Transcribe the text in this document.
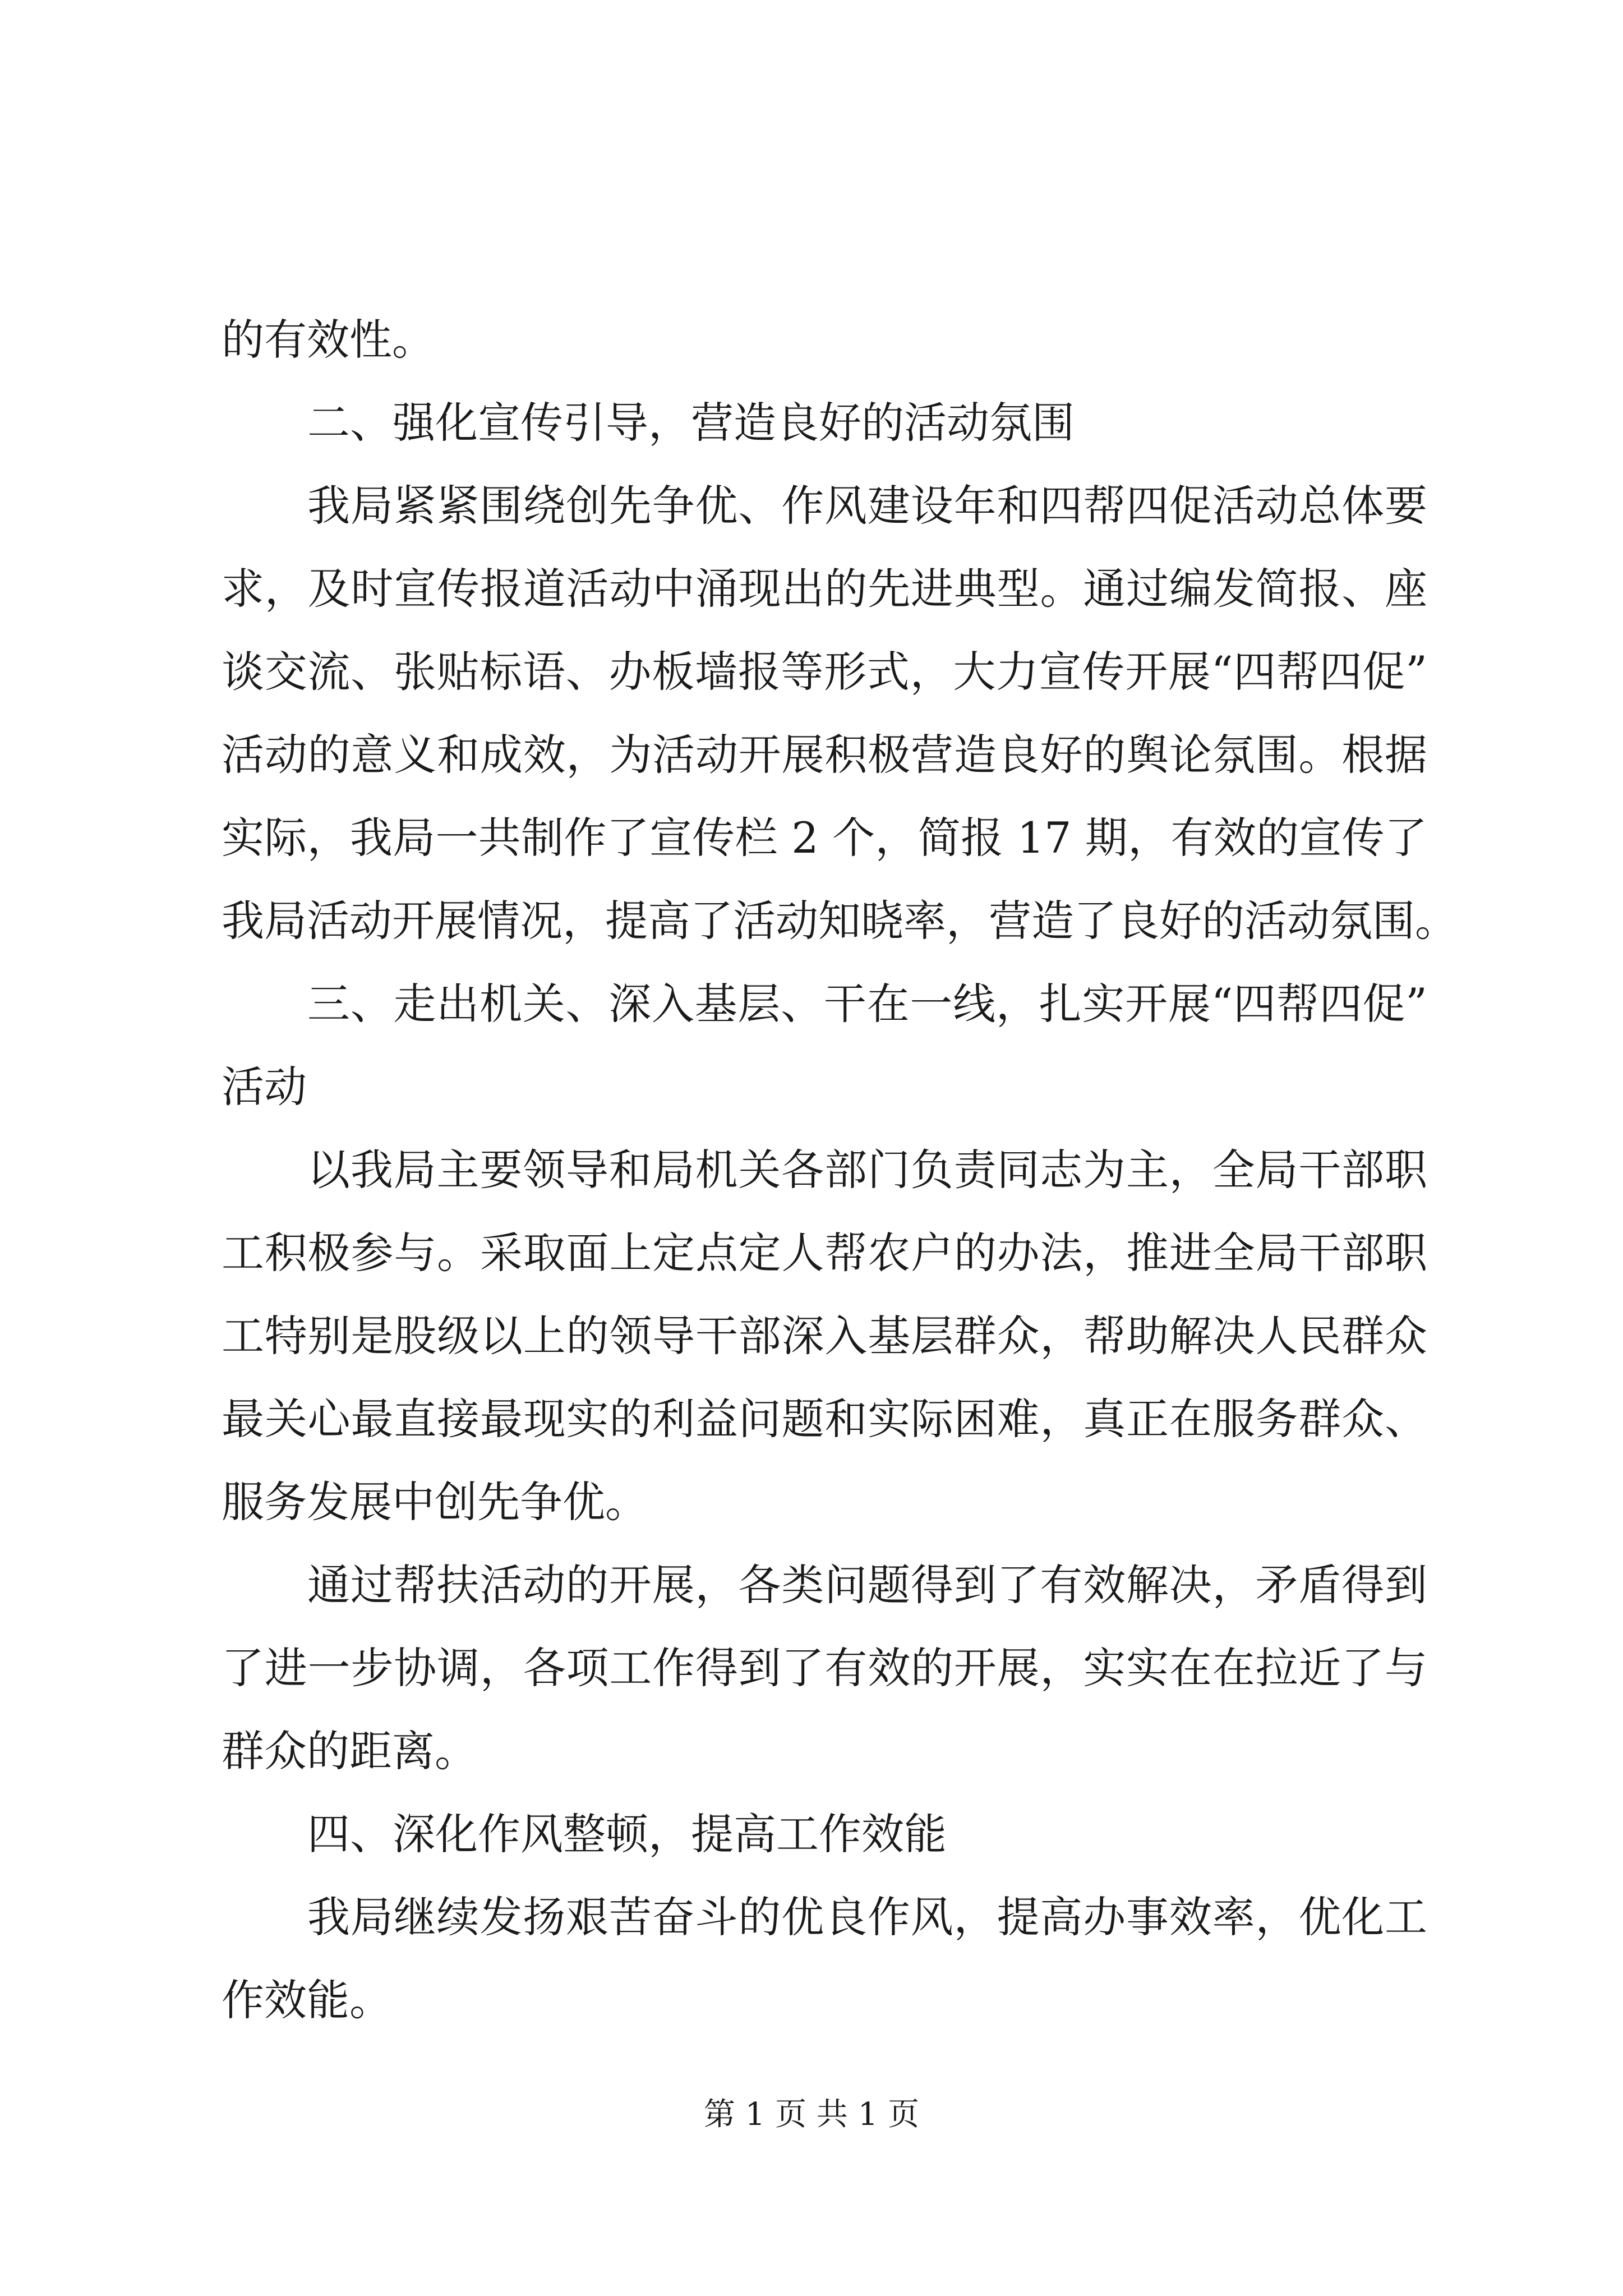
的有效性。
二、强化宣传引导，营造良好的活动氛围
我局紧紧围绕创先争优、作风建设年和四帮四促活动总体要
求，及时宣传报道活动中涌现出的先进典型。通过编发简报、座
谈交流、张贴标语、办板墙报等形式，大力宣传开展“四帮四促”
活动的意义和成效，为活动开展积极营造良好的舆论氛围。根据
实际，我局一共制作了宣传栏 2 个，简报 17 期，有效的宣传了
我局活动开展情况，提高了活动知晓率，营造了良好的活动氛围。
三、走出机关、深入基层、干在一线，扎实开展“四帮四促”
活动
以我局主要领导和局机关各部门负责同志为主，全局干部职
工积极参与。采取面上定点定人帮农户的办法，推进全局干部职
工特别是股级以上的领导干部深入基层群众，帮助解决人民群众
最关心最直接最现实的利益问题和实际困难，真正在服务群众、
服务发展中创先争优。
通过帮扶活动的开展，各类问题得到了有效解决，矛盾得到
了进一步协调，各项工作得到了有效的开展，实实在在拉近了与
群众的距离。
四、深化作风整顿，提高工作效能
我局继续发扬艰苦奋斗的优良作风，提高办事效率，优化工
作效能。
第 1 页 共 1 页
